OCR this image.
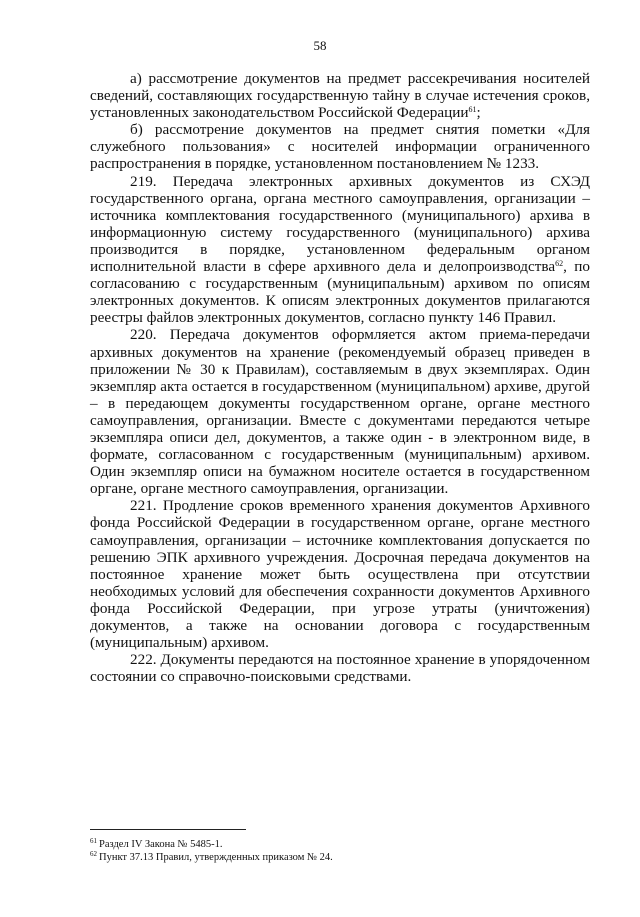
58

а) рассмотрение документов на предмет рассекречивания носителей сведений, составляющих государственную тайну в случае истечения сроков, установленных законодательством Российской Федерации$^{61}$;

б) рассмотрение документов на предмет снятия пометки «Для служебного пользования» с носителей информации ограниченного распространения в порядке, установленном постановлением № 1233.

219. Передача электронных архивных документов из СХЭД государственного органа, органа местного самоуправления, организации – источника комплектования государственного (муниципального) архива в информационную систему государственного (муниципального) архива производится в порядке, установленном федеральным органом исполнительной власти в сфере архивного дела и делопроизводства$^{62}$, по согласованию с государственным (муниципальным) архивом по описям электронных документов. К описям электронных документов прилагаются реестры файлов электронных документов, согласно пункту 146 Правил.

220. Передача документов оформляется актом приема-передачи архивных документов на хранение (рекомендуемый образец приведен в приложении № 30 к Правилам), составляемым в двух экземплярах. Один экземпляр акта остается в государственном (муниципальном) архиве, другой – в передающем документы государственном органе, органе местного самоуправления, организации. Вместе с документами передаются четыре экземпляра описи дел, документов, а также один - в электронном виде, в формате, согласованном с государственным (муниципальным) архивом. Один экземпляр описи на бумажном носителе остается в государственном органе, органе местного самоуправления, организации.

221. Продление сроков временного хранения документов Архивного фонда Российской Федерации в государственном органе, органе местного самоуправления, организации – источнике комплектования допускается по решению ЭПК архивного учреждения. Досрочная передача документов на постоянное хранение может быть осуществлена при отсутствии необходимых условий для обеспечения сохранности документов Архивного фонда Российской Федерации, при угрозе утраты (уничтожения) документов, а также на основании договора с государственным (муниципальным) архивом.

222. Документы передаются на постоянное хранение в упорядоченном состоянии со справочно-поисковыми средствами.

$^{61}$ Раздел IV Закона № 5485-1.

$^{62}$ Пункт 37.13 Правил, утвержденных приказом № 24.
